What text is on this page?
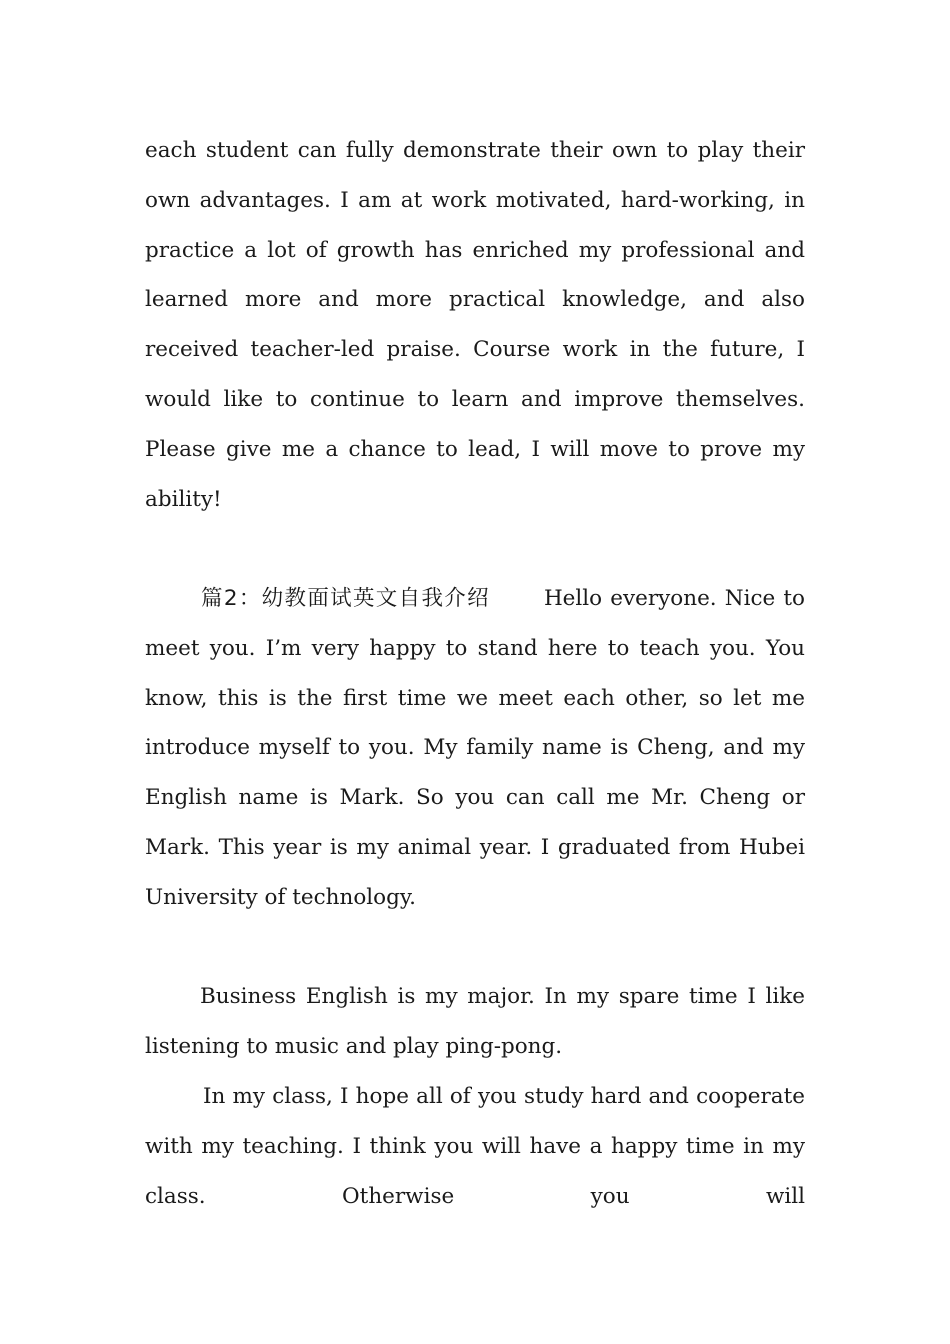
each student can fully demonstrate their own to play their own advantages. I am at work motivated, hard-working, in practice a lot of growth has enriched my professional and learned more and more practical knowledge, and also received teacher-led praise. Course work in the future, I would like to continue to learn and improve themselves. Please give me a chance to lead, I will move to prove my ability!

篇2：幼教面试英文自我介绍	Hello everyone. Nice to meet you. I’m very happy to stand here to teach you. You know, this is the first time we meet each other, so let me introduce myself to you. My family name is Cheng, and my English name is Mark. So you can call me Mr. Cheng or Mark. This year is my animal year. I graduated from Hubei University of technology.

Business English is my major. In my spare time I like listening to music and play ping-pong.

In my class, I hope all of you study hard and cooperate with my teaching. I think you will have a happy time in my class. Otherwise you will
